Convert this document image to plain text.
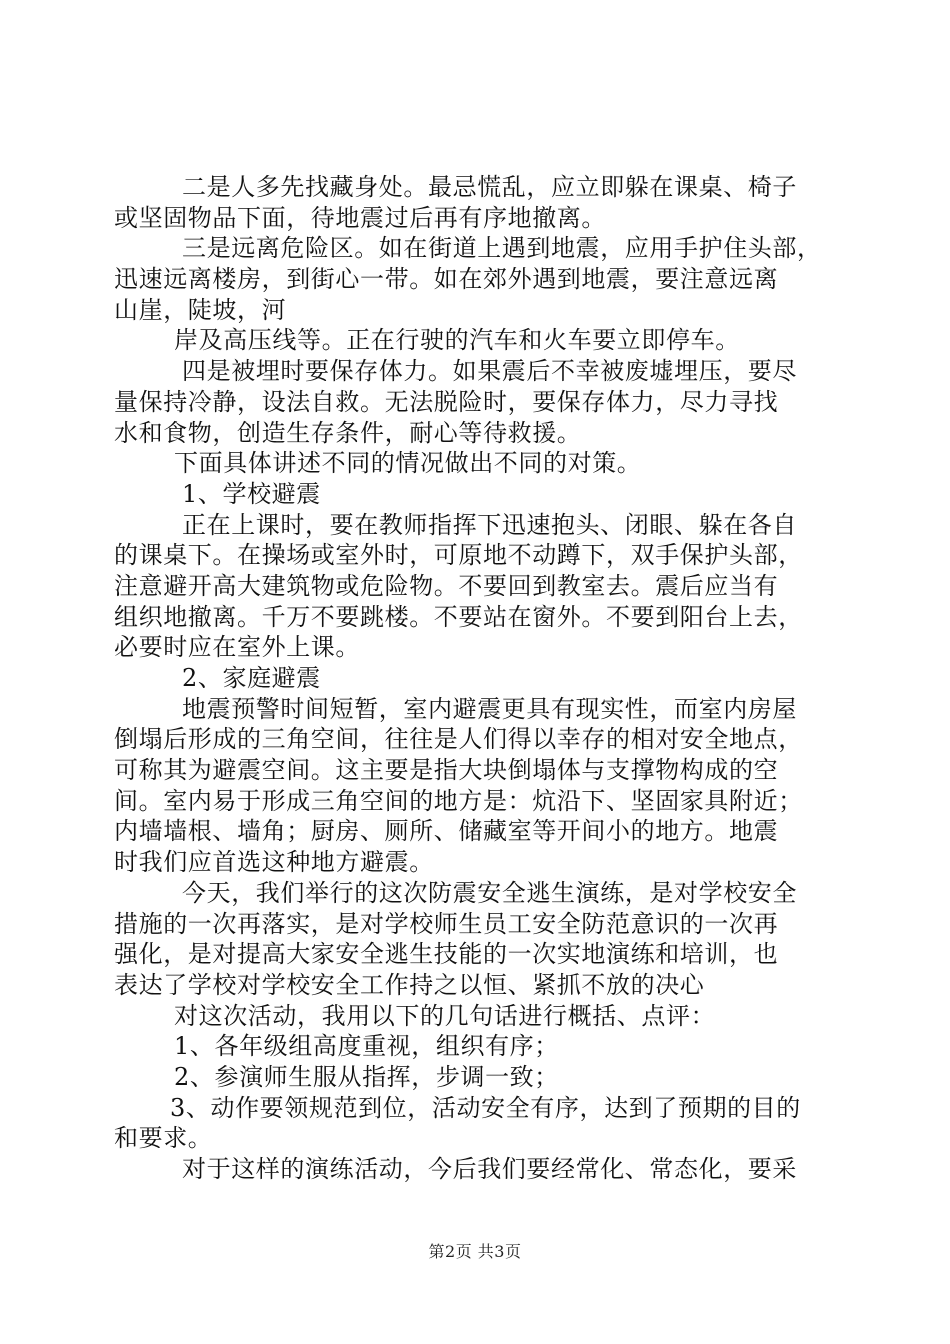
二是人多先找藏身处。最忌慌乱，应立即躲在课桌、椅子
或坚固物品下面，待地震过后再有序地撤离。
三是远离危险区。如在街道上遇到地震，应用手护住头部，
迅速远离楼房，到街心一带。如在郊外遇到地震，要注意远离
山崖，陡坡，河
岸及高压线等。正在行驶的汽车和火车要立即停车。
四是被埋时要保存体力。如果震后不幸被废墟埋压，要尽
量保持冷静，设法自救。无法脱险时，要保存体力，尽力寻找
水和食物，创造生存条件，耐心等待救援。
下面具体讲述不同的情况做出不同的对策。
1、学校避震
正在上课时，要在教师指挥下迅速抱头、闭眼、躲在各自
的课桌下。在操场或室外时，可原地不动蹲下，双手保护头部，
注意避开高大建筑物或危险物。不要回到教室去。震后应当有
组织地撤离。千万不要跳楼。不要站在窗外。不要到阳台上去，
必要时应在室外上课。
2、家庭避震
地震预警时间短暂，室内避震更具有现实性，而室内房屋
倒塌后形成的三角空间，往往是人们得以幸存的相对安全地点，
可称其为避震空间。这主要是指大块倒塌体与支撑物构成的空
间。室内易于形成三角空间的地方是：炕沿下、坚固家具附近；
内墙墙根、墙角；厨房、厕所、储藏室等开间小的地方。地震
时我们应首选这种地方避震。
今天，我们举行的这次防震安全逃生演练，是对学校安全
措施的一次再落实，是对学校师生员工安全防范意识的一次再
强化，是对提高大家安全逃生技能的一次实地演练和培训，也
表达了学校对学校安全工作持之以恒、紧抓不放的决心
对这次活动，我用以下的几句话进行概括、点评：
1、各年级组高度重视，组织有序；
2、参演师生服从指挥，步调一致；
3、动作要领规范到位，活动安全有序，达到了预期的目的
和要求。
对于这样的演练活动，今后我们要经常化、常态化，要采
第2页 共3页
